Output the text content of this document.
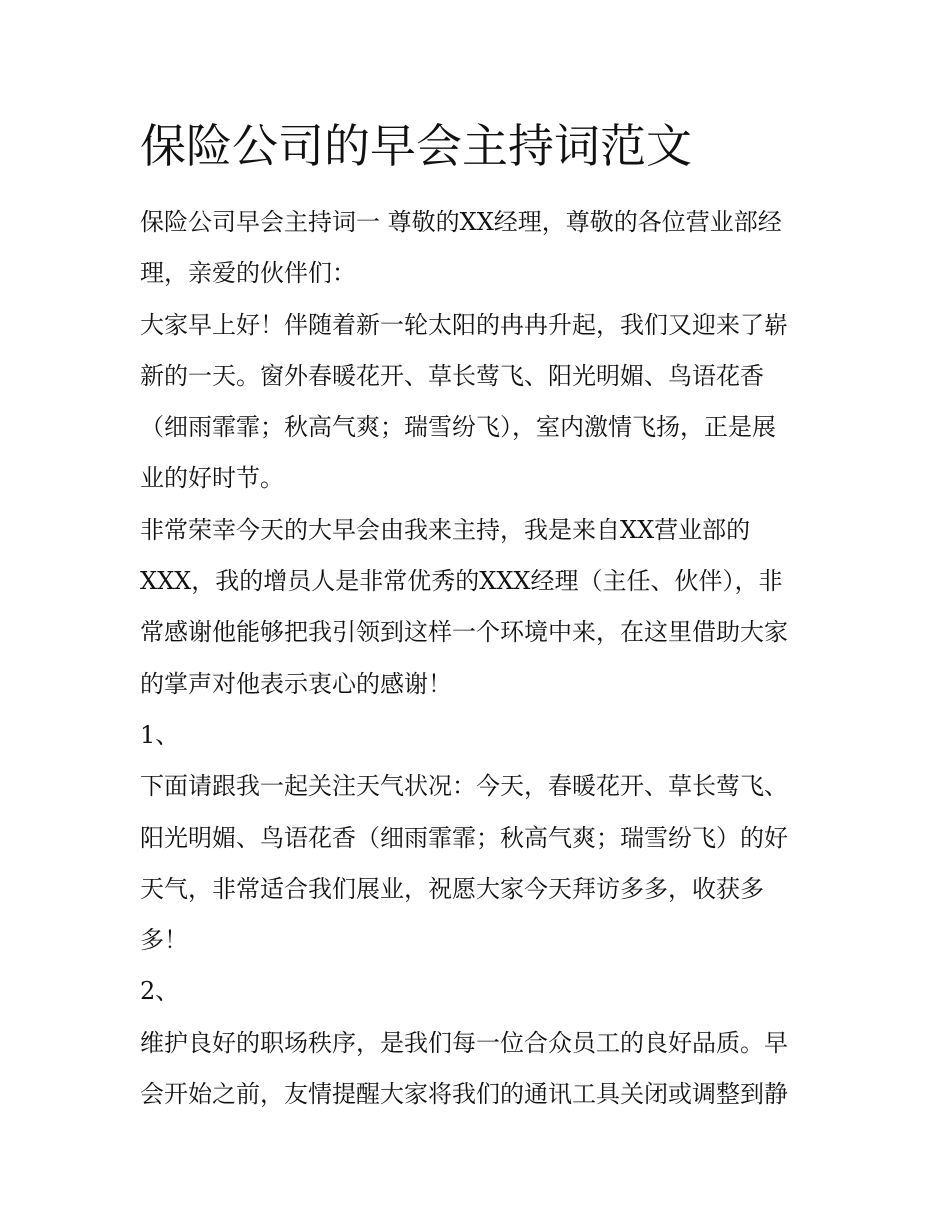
保险公司的早会主持词范文

保险公司早会主持词一 尊敬的XX经理，尊敬的各位营业部经
理，亲爱的伙伴们：

大家早上好！伴随着新一轮太阳的冉冉升起，我们又迎来了崭
新的一天。窗外春暖花开、草长莺飞、阳光明媚、鸟语花香
（细雨霏霏；秋高气爽；瑞雪纷飞），室内激情飞扬，正是展
业的好时节。

非常荣幸今天的大早会由我来主持，我是来自XX营业部的
XXX，我的增员人是非常优秀的XXX经理（主任、伙伴），非
常感谢他能够把我引领到这样一个环境中来，在这里借助大家
的掌声对他表示衷心的感谢！

1、

下面请跟我一起关注天气状况：今天，春暖花开、草长莺飞、
阳光明媚、鸟语花香（细雨霏霏；秋高气爽；瑞雪纷飞）的好
天气，非常适合我们展业，祝愿大家今天拜访多多，收获多
多！

2、

维护良好的职场秩序，是我们每一位合众员工的良好品质。早
会开始之前，友情提醒大家将我们的通讯工具关闭或调整到静
